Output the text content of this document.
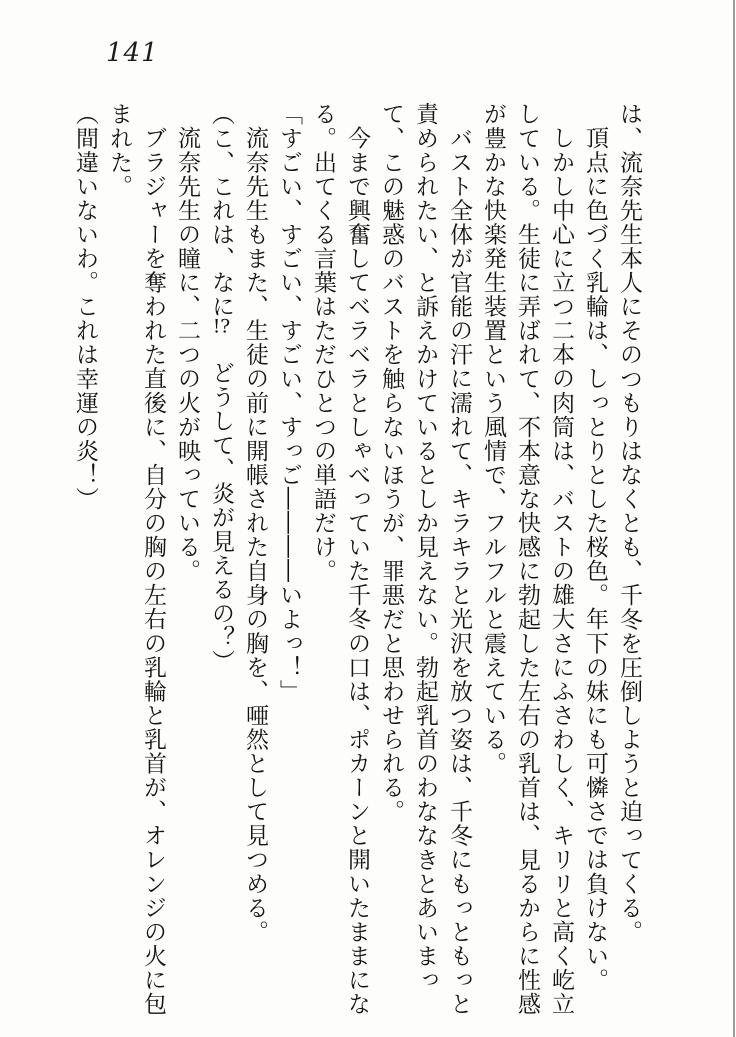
141

は、流奈先生本人にそのつもりはなくとも、千冬を圧倒しようと迫ってくる。

頂点に色づく乳輪は、しっとりとした桜色。年下の妹にも可憐さでは負けない。

しかし中心に立つ二本の肉筒は、バストの雄大さにふさわしく、キリリと高く屹立している。生徒に弄ばれて、不本意な快感に勃起した左右の乳首は、見るからに性感が豊かな快楽発生装置という風情で、フルフルと震えている。

バスト全体が官能の汗に濡れて、キラキラと光沢を放つ姿は、千冬にもっともっと責められたい、と訴えかけているとしか見えない。勃起乳首のわななきとあいまって、この魅惑のバストを触らないほうが、罪悪だと思わせられる。

今まで興奮してベラベラとしゃべっていた千冬の口は、ポカーンと開いたままになる。出てくる言葉はただひとつの単語だけ。

「すごい、すごい、すごい、すっご――――いよっ！」

流奈先生もまた、生徒の前に開帳された自身の胸を、唖然として見つめる。

（こ、これは、なに!?　どうして、炎が見えるの？）

流奈先生の瞳に、二つの火が映っている。

ブラジャーを奪われた直後に、自分の胸の左右の乳輪と乳首が、オレンジの火に包まれた。

（間違いないわ。これは幸運の炎！）
